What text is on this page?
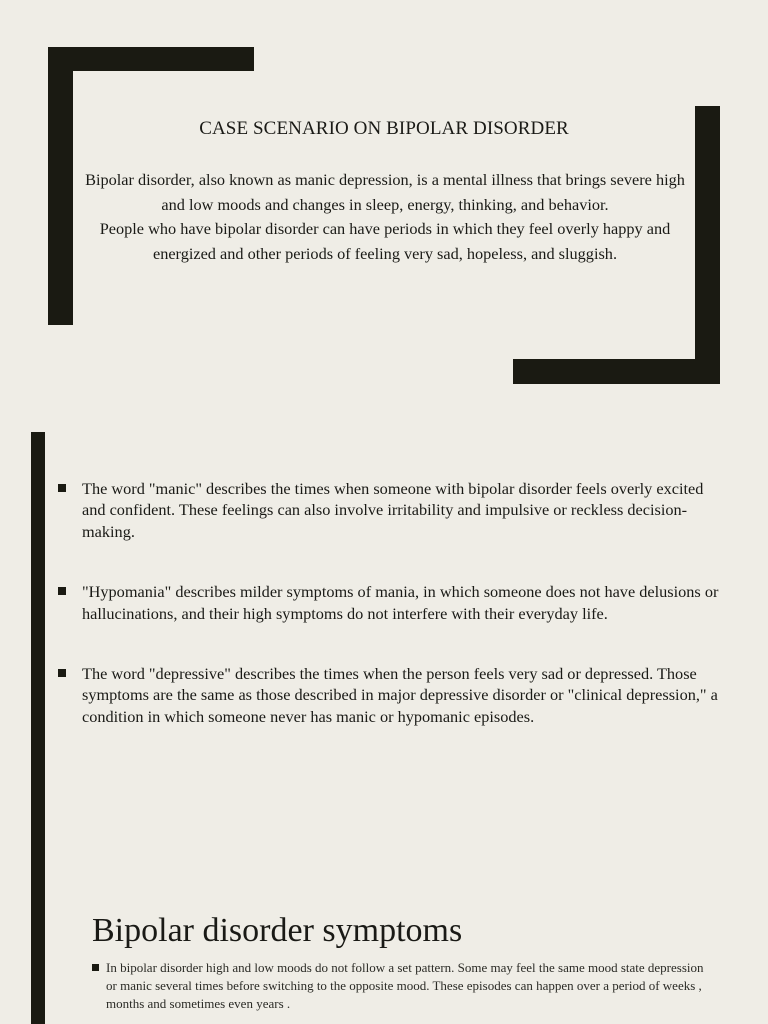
CASE SCENARIO ON BIPOLAR DISORDER

Bipolar disorder, also known as manic depression, is a mental illness that brings severe high and low moods and changes in sleep, energy, thinking, and behavior.

People who have bipolar disorder can have periods in which they feel overly happy and energized and other periods of feeling very sad, hopeless, and sluggish.

The word "manic" describes the times when someone with bipolar disorder feels overly excited and confident. These feelings can also involve irritability and impulsive or reckless decision-making.
"Hypomania" describes milder symptoms of mania, in which someone does not have delusions or hallucinations, and their high symptoms do not interfere with their everyday life.
The word "depressive" describes the times when the person feels very sad or depressed. Those symptoms are the same as those described in major depressive disorder or "clinical depression," a condition in which someone never has manic or hypomanic episodes.
Bipolar disorder symptoms
In bipolar disorder high and low moods do not follow a set pattern. Some may feel the same mood state depression or manic several times before switching to the opposite mood. These episodes can happen over a period of weeks , months and sometimes even years .
